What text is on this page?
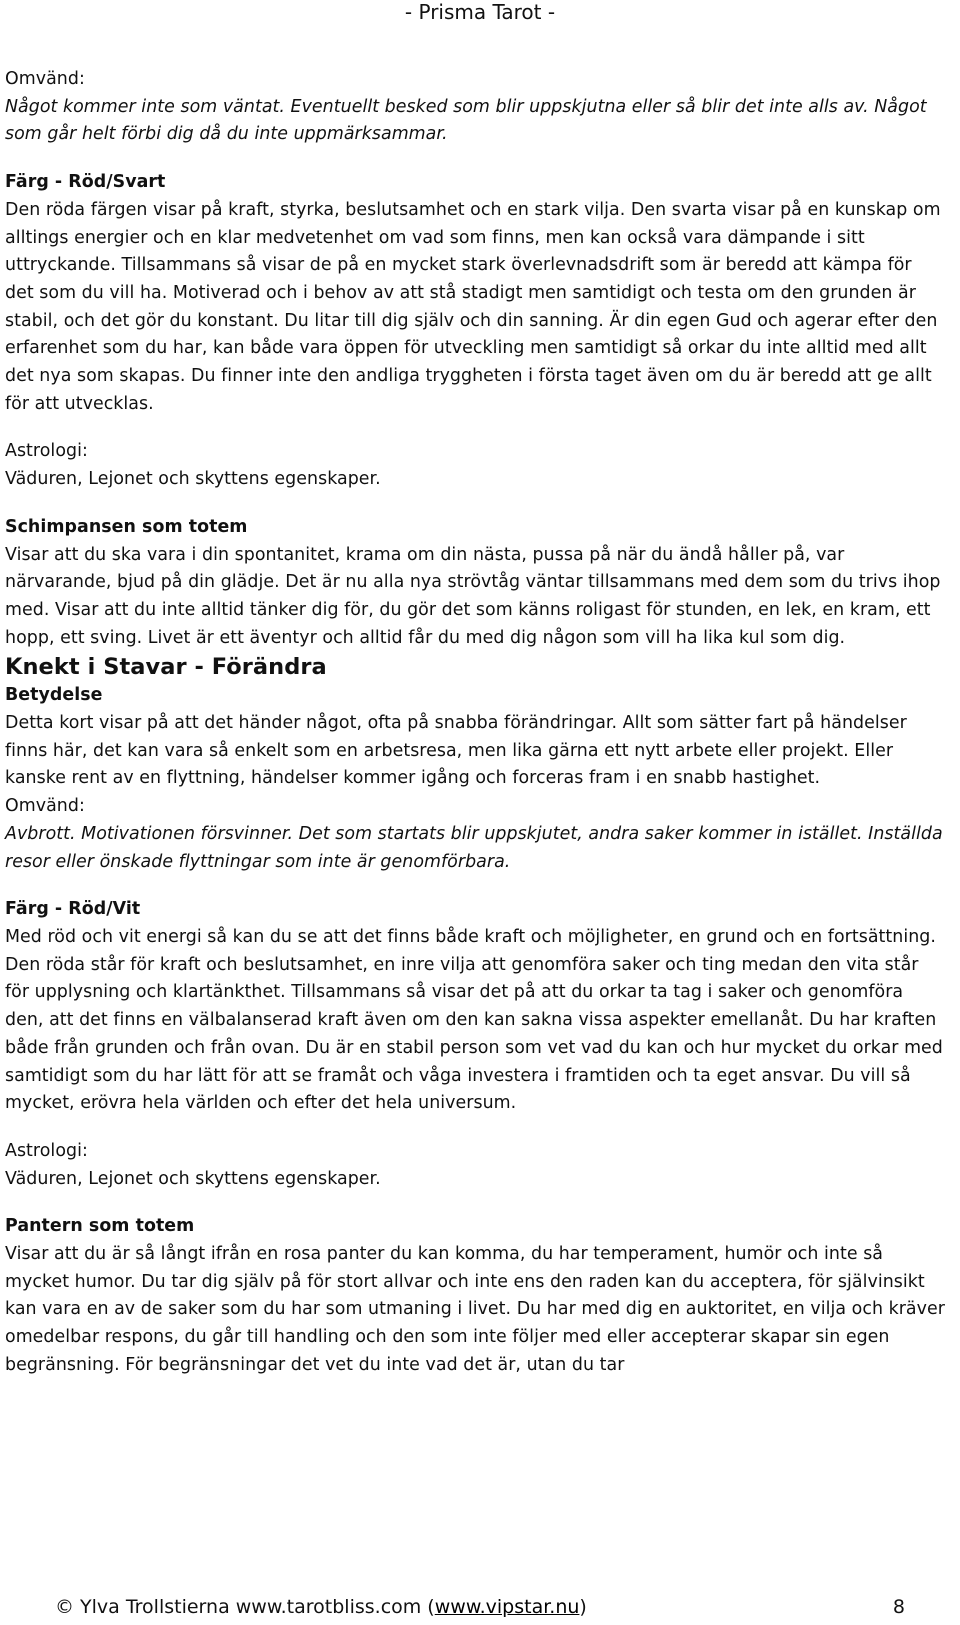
- Prisma Tarot -

Omvänd:

Något kommer inte som väntat. Eventuellt besked som blir uppskjutna eller så blir det inte alls av. Något som går helt förbi dig då du inte uppmärksammar.

Färg - Röd/Svart

Den röda färgen visar på kraft, styrka, beslutsamhet och en stark vilja. Den svarta visar på en kunskap om alltings energier och en klar medvetenhet om vad som finns, men kan också vara dämpande i sitt uttryckande. Tillsammans så visar de på en mycket stark överlevnadsdrift som är beredd att kämpa för det som du vill ha. Motiverad och i behov av att stå stadigt men samtidigt och testa om den grunden är stabil, och det gör du konstant. Du litar till dig själv och din sanning. Är din egen Gud och agerar efter den erfarenhet som du har, kan både vara öppen för utveckling men samtidigt så orkar du inte alltid med allt det nya som skapas. Du finner inte den andliga tryggheten i första taget även om du är beredd att ge allt för att utvecklas.

Astrologi:

Väduren, Lejonet och skyttens egenskaper.

Schimpansen som totem

Visar att du ska vara i din spontanitet, krama om din nästa, pussa på när du ändå håller på, var närvarande, bjud på din glädje. Det är nu alla nya strövtåg väntar tillsammans med dem som du trivs ihop med. Visar att du inte alltid tänker dig för, du gör det som känns roligast för stunden, en lek, en kram, ett hopp, ett sving. Livet är ett äventyr och alltid får du med dig någon som vill ha lika kul som dig.

Knekt i Stavar - Förändra

Betydelse

Detta kort visar på att det händer något, ofta på snabba förändringar. Allt som sätter fart på händelser finns här, det kan vara så enkelt som en arbetsresa, men lika gärna ett nytt arbete eller projekt. Eller kanske rent av en flyttning, händelser kommer igång och forceras fram i en snabb hastighet.

Omvänd:

Avbrott. Motivationen försvinner. Det som startats blir uppskjutet, andra saker kommer in istället. Inställda resor eller önskade flyttningar som inte är genomförbara.

Färg - Röd/Vit

Med röd och vit energi så kan du se att det finns både kraft och möjligheter, en grund och en fortsättning. Den röda står för kraft och beslutsamhet, en inre vilja att genomföra saker och ting medan den vita står för upplysning och klartänkthet. Tillsammans så visar det på att du orkar ta tag i saker och genomföra den, att det finns en välbalanserad kraft även om den kan sakna vissa aspekter emellanåt. Du har kraften både från grunden och från ovan. Du är en stabil person som vet vad du kan och hur mycket du orkar med samtidigt som du har lätt för att se framåt och våga investera i framtiden och ta eget ansvar. Du vill så mycket, erövra hela världen och efter det hela universum.

Astrologi:

Väduren, Lejonet och skyttens egenskaper.

Pantern som totem

Visar att du är så långt ifrån en rosa panter du kan komma, du har temperament, humör och inte så mycket humor. Du tar dig själv på för stort allvar och inte ens den raden kan du acceptera, för självinsikt kan vara en av de saker som du har som utmaning i livet. Du har med dig en auktoritet, en vilja och kräver omedelbar respons, du går till handling och den som inte följer med eller accepterar skapar sin egen begränsning. För begränsningar det vet du inte vad det är, utan du tar

© Ylva Trollstierna www.tarotbliss.com (www.vipstar.nu)	8
